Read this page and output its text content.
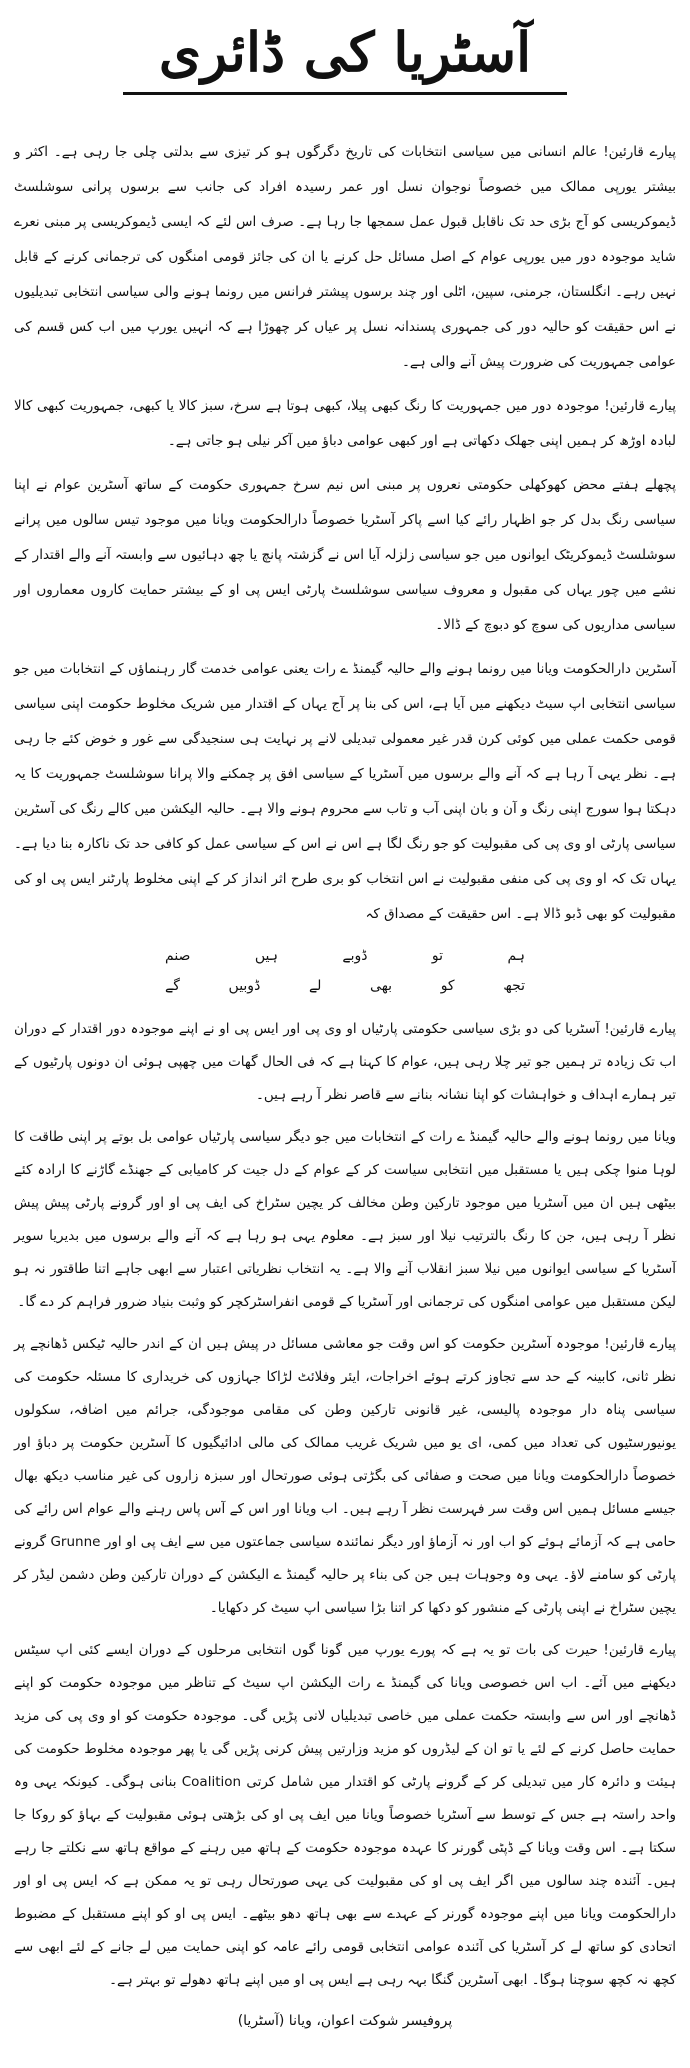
آسٹریا کی ڈائری

پیارے قارئین! عالم انسانی میں سیاسی انتخابات کی تاریخ دگرگوں ہو کر تیزی سے بدلتی چلی جا رہی ہے۔ اکثر و بیشتر یورپی ممالک میں خصوصاً نوجوان نسل اور عمر رسیدہ افراد کی جانب سے برسوں پرانی سوشلسٹ ڈیموکریسی کو آج بڑی حد تک ناقابل قبول عمل سمجھا جا رہا ہے۔ صرف اس لئے کہ ایسی ڈیموکریسی پر مبنی نعرے شاید موجودہ دور میں یورپی عوام کے اصل مسائل حل کرنے یا ان کی جائز قومی امنگوں کی ترجمانی کرنے کے قابل نہیں رہے۔ انگلستان، جرمنی، سپین، اٹلی اور چند برسوں پیشتر فرانس میں رونما ہونے والی سیاسی انتخابی تبدیلیوں نے اس حقیقت کو حالیہ دور کی جمہوری پسندانہ نسل پر عیاں کر چھوڑا ہے کہ انہیں یورپ میں اب کس قسم کی عوامی جمہوریت کی ضرورت پیش آنے والی ہے۔

پیارے قارئین! موجودہ دور میں جمہوریت کا رنگ کبھی پیلا، کبھی ہوتا ہے سرخ، سبز کالا یا کبھی، جمہوریت کبھی کالا لبادہ اوڑھ کر ہمیں اپنی جھلک دکھاتی ہے اور کبھی عوامی دباؤ میں آکر نیلی ہو جاتی ہے۔

پچھلے ہفتے محض کھوکھلی حکومتی نعروں پر مبنی اس نیم سرخ جمہوری حکومت کے ساتھ آسٹرین عوام نے اپنا سیاسی رنگ بدل کر جو اظہار رائے کیا اسے پاکر آسٹریا خصوصاً دارالحکومت ویانا میں موجود تیس سالوں میں پرانے سوشلسٹ ڈیموکریٹک ایوانوں میں جو سیاسی زلزلہ آیا اس نے گزشتہ پانچ یا چھ دہائیوں سے وابستہ آنے والے اقتدار کے نشے میں چور یہاں کی مقبول و معروف سیاسی سوشلسٹ پارٹی ایس پی او کے بیشتر حمایت کاروں معماروں اور سیاسی مداریوں کی سوچ کو دبوچ کے ڈالا۔

آسٹرین دارالحکومت ویانا میں رونما ہونے والے حالیہ گیمنڈ ے رات یعنی عوامی خدمت گار رہنماؤں کے انتخابات میں جو سیاسی انتخابی اپ سیٹ دیکھنے میں آیا ہے، اس کی بنا پر آج یہاں کے اقتدار میں شریک مخلوط حکومت اپنی سیاسی قومی حکمت عملی میں کوئی کرن قدر غیر معمولی تبدیلی لانے پر نہایت ہی سنجیدگی سے غور و خوض کئے جا رہی ہے۔ نظر یہی آ رہا ہے کہ آنے والے برسوں میں آسٹریا کے سیاسی افق پر چمکنے والا پرانا سوشلسٹ جمہوریت کا یہ دہکتا ہوا سورج اپنی رنگ و آن و بان اپنی آب و تاب سے محروم ہونے والا ہے۔ حالیہ الیکشن میں کالے رنگ کی آسٹرین سیاسی پارٹی او وی پی کی مقبولیت کو جو رنگ لگا ہے اس نے اس کے سیاسی عمل کو کافی حد تک ناکارہ بنا دیا ہے۔ یہاں تک کہ او وی پی کی منفی مقبولیت نے اس انتخاب کو بری طرح اثر انداز کر کے اپنی مخلوط پارٹنر ایس پی او کی مقبولیت کو بھی ڈبو ڈالا ہے۔ اس حقیقت کے مصداق کہ

ہم
تو
ڈوبے
ہیں
صنم
تجھ
کو
بھی
لے
ڈوبیں
گے

پیارے قارئین! آسٹریا کی دو بڑی سیاسی حکومتی پارٹیاں او وی پی اور ایس پی او نے اپنے موجودہ دور اقتدار کے دوران اب تک زیادہ تر ہمیں جو تیر چلا رہی ہیں، عوام کا کہنا ہے کہ فی الحال گھات میں چھپی ہوئی ان دونوں پارٹیوں کے تیر ہمارے اہداف و خواہشات کو اپنا نشانہ بنانے سے قاصر نظر آ رہے ہیں۔

ویانا میں رونما ہونے والے حالیہ گیمنڈ ے رات کے انتخابات میں جو دیگر سیاسی پارٹیاں عوامی بل بوتے پر اپنی طاقت کا لوہا منوا چکی ہیں یا مستقبل میں انتخابی سیاست کر کے عوام کے دل جیت کر کامیابی کے جھنڈے گاڑنے کا ارادہ کئے بیٹھی ہیں ان میں آسٹریا میں موجود تارکین وطن مخالف کر یچین سٹراخ کی ایف پی او اور گرونے پارٹی پیش پیش نظر آ رہی ہیں، جن کا رنگ بالترتیب نیلا اور سبز ہے۔ معلوم یہی ہو رہا ہے کہ آنے والے برسوں میں بدیریا سویر آسٹریا کے سیاسی ایوانوں میں نیلا سبز انقلاب آنے والا ہے۔ یہ انتخاب نظریاتی اعتبار سے ابھی جاہے اتنا طاقتور نہ ہو لیکن مستقبل میں عوامی امنگوں کی ترجمانی اور آسٹریا کے قومی انفراسٹرکچر کو وثبت بنیاد ضرور فراہم کر دے گا۔

پیارے قارئین! موجودہ آسٹرین حکومت کو اس وقت جو معاشی مسائل در پیش ہیں ان کے اندر حالیہ ٹیکس ڈھانچے پر نظر ثانی، کابینہ کے حد سے تجاوز کرتے ہوئے اخراجات، ایئر وفلائٹ لڑاکا جہازوں کی خریداری کا مسئلہ حکومت کی سیاسی پناہ دار موجودہ پالیسی، غیر قانونی تارکین وطن کی مقامی موجودگی، جرائم میں اضافہ، سکولوں یونیورسٹیوں کی تعداد میں کمی، ای یو میں شریک غریب ممالک کی مالی ادائیگیوں کا آسٹرین حکومت پر دباؤ اور خصوصاً دارالحکومت ویانا میں صحت و صفائی کی بگڑتی ہوئی صورتحال اور سبزہ زاروں کی غیر مناسب دیکھ بھال جیسے مسائل ہمیں اس وقت سر فہرست نظر آ رہے ہیں۔ اب ویانا اور اس کے آس پاس رہنے والے عوام اس رائے کی حامی ہے کہ آزمائے ہوئے کو اب اور نہ آزماؤ اور دیگر نمائندہ سیاسی جماعتوں میں سے ایف پی او اور Grunne گرونے پارٹی کو سامنے لاؤ۔ یہی وہ وجوہات ہیں جن کی بناء پر حالیہ گیمنڈ ے الیکشن کے دوران تارکین وطن دشمن لیڈر کر یچین سٹراخ نے اپنی پارٹی کے منشور کو دکھا کر اتنا بڑا سیاسی اپ سیٹ کر دکھایا۔

پیارے قارئین! حیرت کی بات تو یہ ہے کہ پورے یورپ میں گونا گوں انتخابی مرحلوں کے دوران ایسے کئی اپ سیٹس دیکھنے میں آئے۔ اب اس خصوصی ویانا کی گیمنڈ ے رات الیکشن اپ سیٹ کے تناظر میں موجودہ حکومت کو اپنے ڈھانچے اور اس سے وابستہ حکمت عملی میں خاصی تبدیلیاں لانی پڑیں گی۔ موجودہ حکومت کو او وی پی کی مزید حمایت حاصل کرنے کے لئے یا تو ان کے لیڈروں کو مزید وزارتیں پیش کرنی پڑیں گی یا پھر موجودہ مخلوط حکومت کی ہیئت و دائرہ کار میں تبدیلی کر کے گرونے پارٹی کو اقتدار میں شامل کرتی Coalition بنانی ہوگی۔ کیونکہ یہی وہ واحد راستہ ہے جس کے توسط سے آسٹریا خصوصاً ویانا میں ایف پی او کی بڑھتی ہوئی مقبولیت کے بہاؤ کو روکا جا سکتا ہے۔ اس وقت ویانا کے ڈپٹی گورنر کا عہدہ موجودہ حکومت کے ہاتھ میں رہنے کے مواقع ہاتھ سے نکلتے جا رہے ہیں۔ آئندہ چند سالوں میں اگر ایف پی او کی مقبولیت کی یہی صورتحال رہی تو یہ ممکن ہے کہ ایس پی او اور دارالحکومت ویانا میں اپنے موجودہ گورنر کے عہدے سے بھی ہاتھ دھو بیٹھے۔ ایس پی او کو اپنے مستقبل کے مضبوط اتحادی کو ساتھ لے کر آسٹریا کی آئندہ عوامی انتخابی قومی رائے عامہ کو اپنی حمایت میں لے جانے کے لئے ابھی سے کچھ نہ کچھ سوچنا ہوگا۔ ابھی آسٹرین گنگا بہہ رہی ہے ایس پی او میں اپنے ہاتھ دھولے تو بہتر ہے۔

پروفیسر شوکت اعوان، ویانا (آسٹریا)
